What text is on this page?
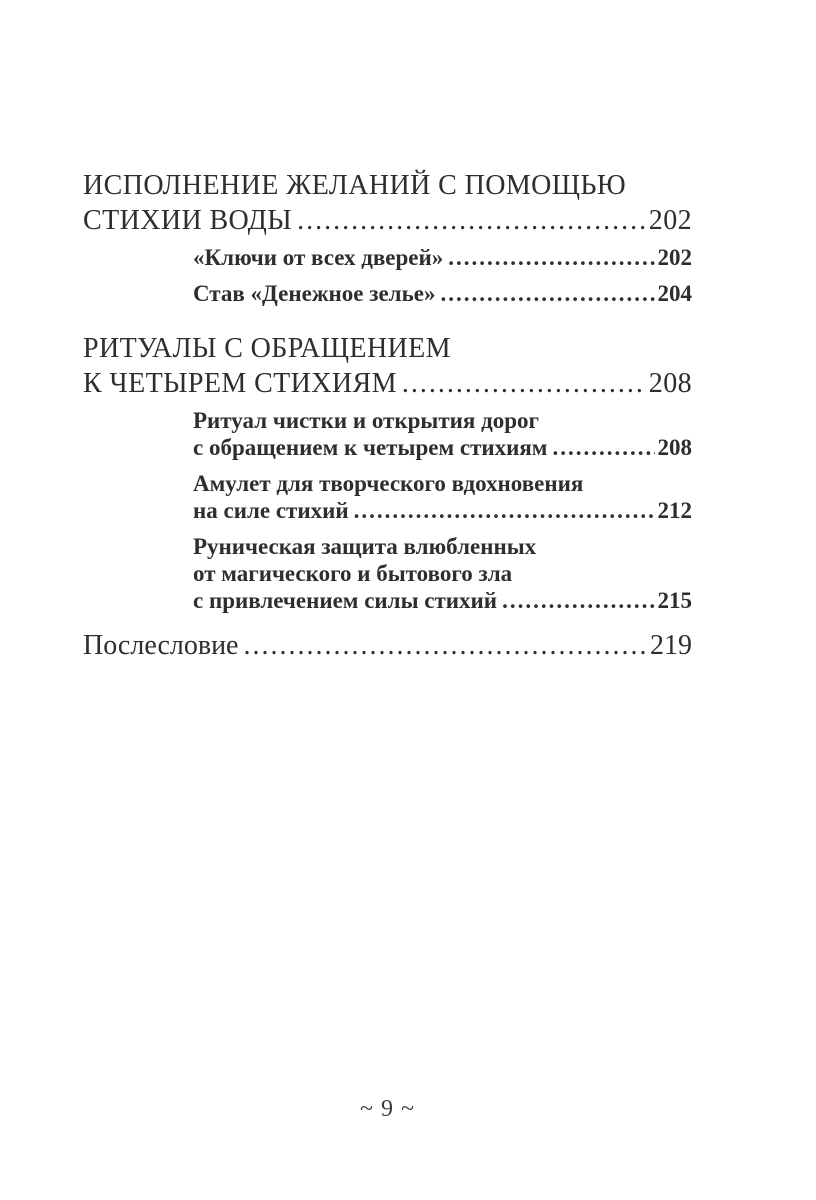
ИСПОЛНЕНИЕ ЖЕЛАНИЙ С ПОМОЩЬЮ
СТИХИИ ВОДЫ .....	202
«Ключи от всех дверей» .....	202
Став «Денежное зелье» .....	204
РИТУАЛЫ С ОБРАЩЕНИЕМ
К ЧЕТЫРЕМ СТИХИЯМ .....	208
Ритуал чистки и открытия дорог
с обращением к четырем стихиям .....	208
Амулет для творческого вдохновения
на силе стихий .....	212
Руническая защита влюбленных
от магического и бытового зла
с привлечением силы стихий .....	215
Послесловие .....	219
~ 9 ~
